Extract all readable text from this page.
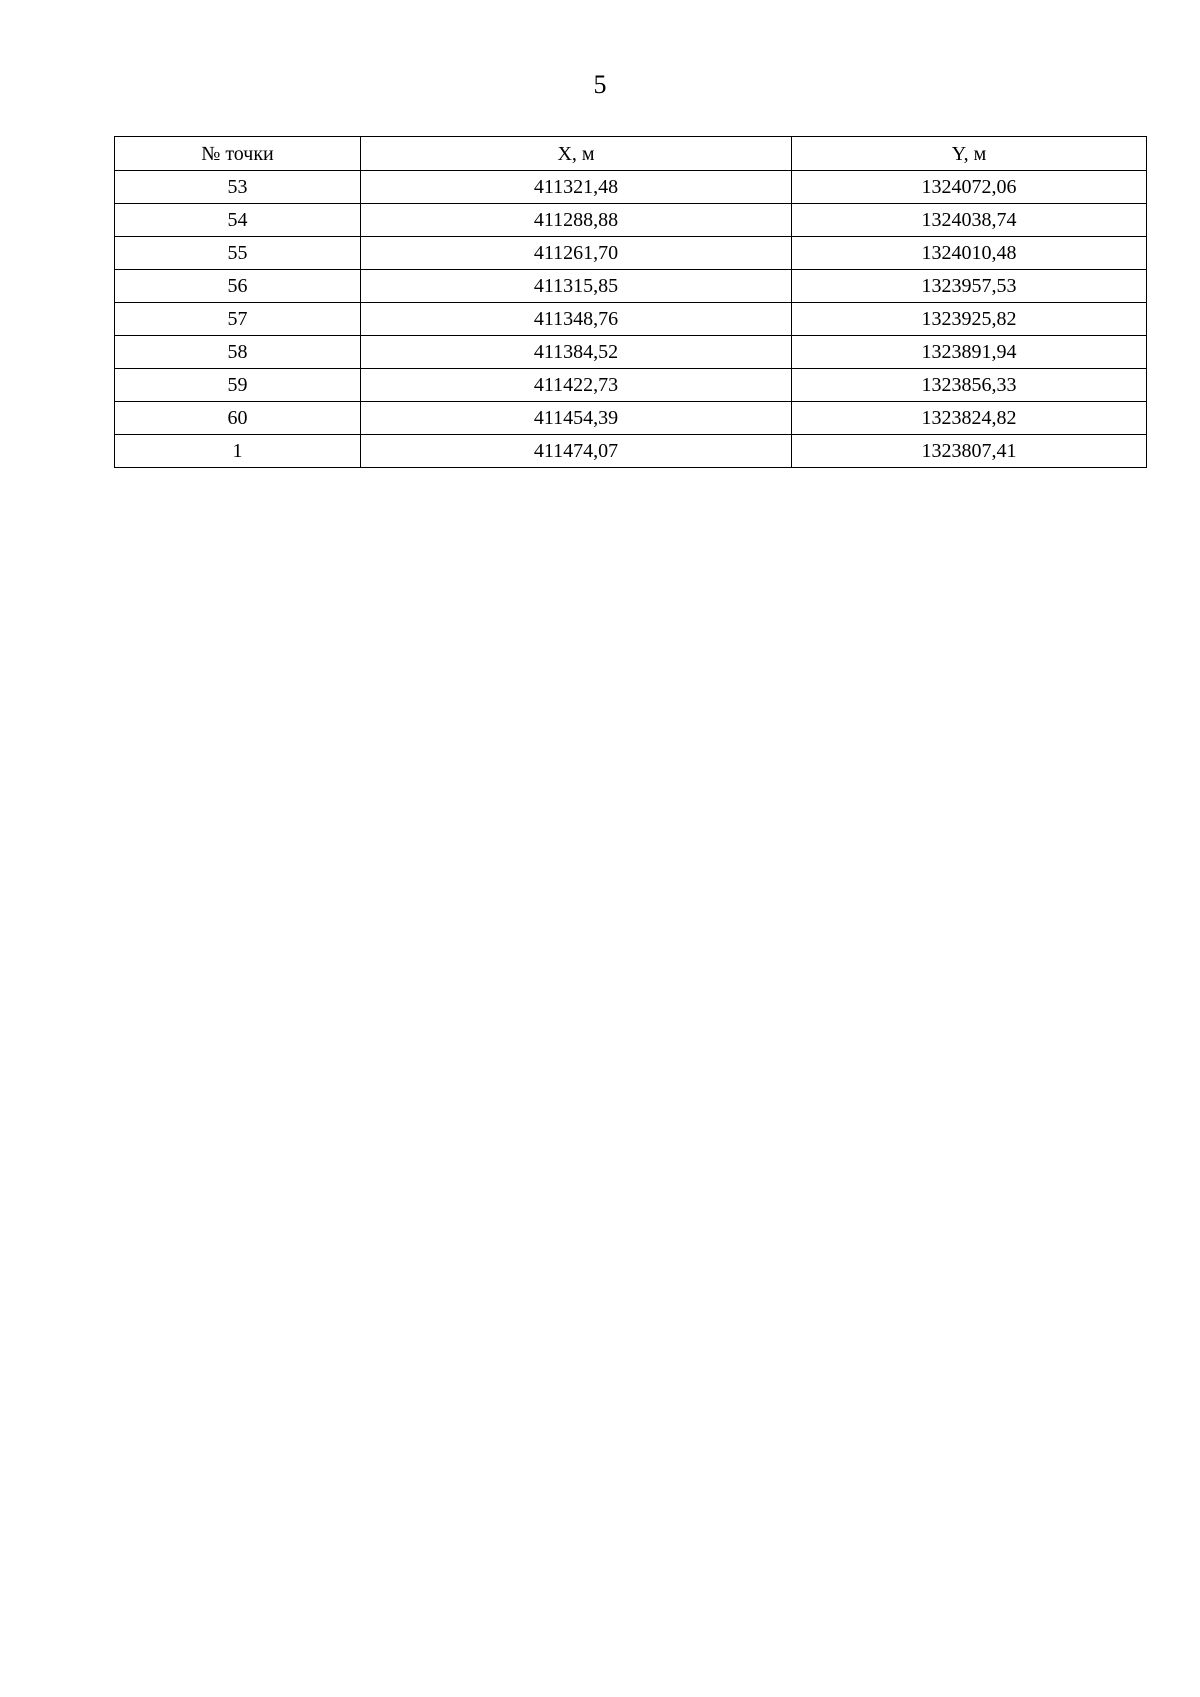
5
№ точки	X, м	Y, м
53	411321,48	1324072,06
54	411288,88	1324038,74
55	411261,70	1324010,48
56	411315,85	1323957,53
57	411348,76	1323925,82
58	411384,52	1323891,94
59	411422,73	1323856,33
60	411454,39	1323824,82
1	411474,07	1323807,41
